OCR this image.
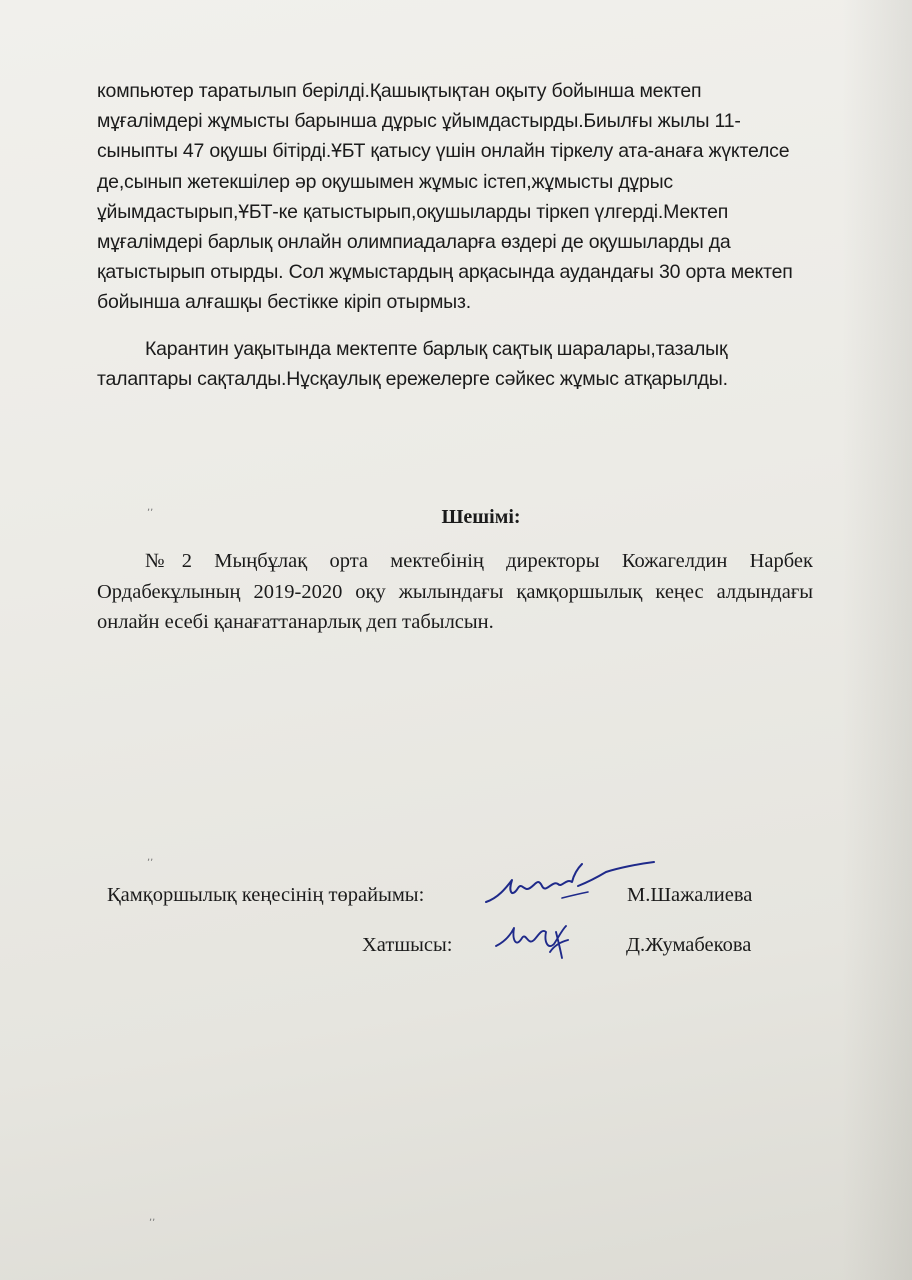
компьютер таратылып берілді.Қашықтықтан оқыту бойынша мектеп мұғалімдері жұмысты барынша дұрыс ұйымдастырды.Биылғы жылы 11-сыныпты 47 оқушы бітірді.ҰБТ қатысу үшін онлайн тіркелу ата-анаға жүктелсе де,сынып жетекшілер әр оқушымен жұмыс істеп,жұмысты дұрыс ұйымдастырып,ҰБТ-ке қатыстырып,оқушыларды тіркеп үлгерді.Мектеп мұғалімдері барлық онлайн олимпиадаларға өздері де оқушыларды да қатыстырып отырды. Сол жұмыстардың арқасында аудандағы 30 орта мектеп бойынша алғашқы бестікке кіріп отырмыз.

Карантин уақытында мектепте барлық сақтық шаралары,тазалық талаптары сақталды.Нұсқаулық ережелерге сәйкес жұмыс атқарылды.

Шешімі:
№2 Мыңбұлақ орта мектебінің директоры Кожагелдин Нарбек Ордабекұлының 2019-2020 оқу жылындағы қамқоршылық кеңес алдындағы онлайн есебі қанағаттанарлық деп табылсын.
Қамқоршылық кеңесінің төрайымы:	М.Шажалиева
Хатшысы:	Д.Жумабекова
,,
,,
,,
